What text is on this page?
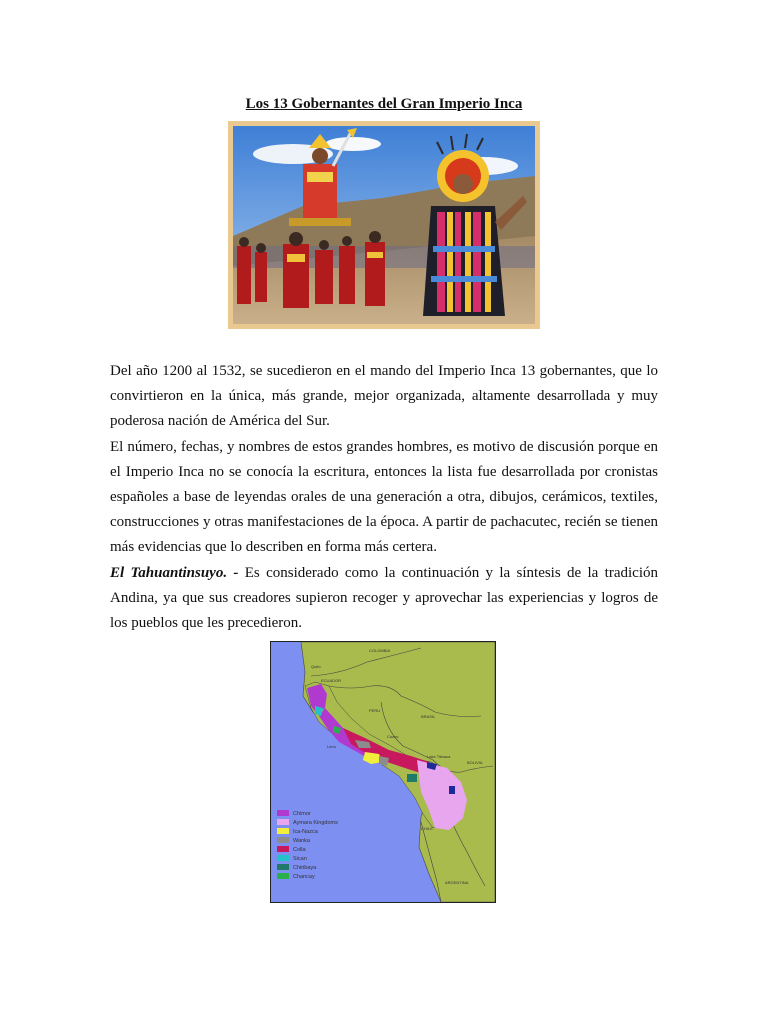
Los 13 Gobernantes del Gran Imperio Inca

Del año 1200 al 1532, se sucedieron en el mando del Imperio Inca 13 gobernantes, que lo convirtieron en la única, más grande, mejor organizada, altamente desarrollada y muy poderosa nación de América del Sur.

El número, fechas, y nombres de estos grandes hombres, es motivo de discusión porque en el Imperio Inca no se conocía la escritura, entonces la lista fue desarrollada por cronistas españoles a base de leyendas orales de una generación a otra, dibujos, cerámicos, textiles, construcciones y otras manifestaciones de la época. A partir de pachacutec, recién se tienen más evidencias que lo describen en forma más certera.

El Tahuantinsuyo. - Es considerado como la continuación y la síntesis de la tradición Andina, ya que sus creadores supieron recoger y aprovechar las experiencias y logros de los pueblos que les precedieron.

COLOMBIA
ECUADOR
PERU
BRASIL
BOLIVIA
CHILE
ARGENTINA
Quito
Cuzco
Lima
Lake Titicaca
Chimor
Aymara Kingdoms
Ica-Nazca
Wanka
Colla
Sican
Chiribaya
Chancay
